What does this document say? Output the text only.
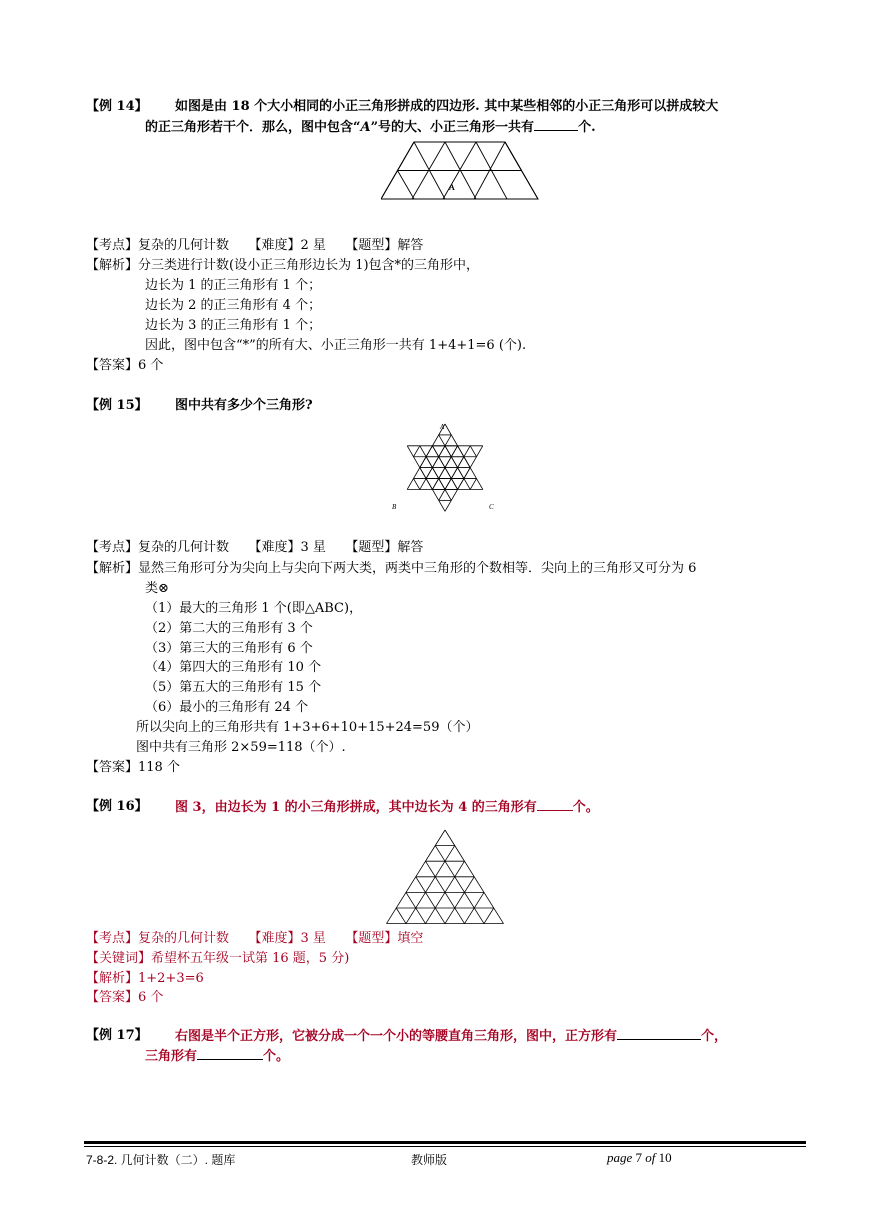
【例 14】 如图是由 18 个大小相同的小正三角形拼成的四边形. 其中某些相邻的小正三角形可以拼成较大
的正三角形若干个．那么，图中包含“A”号的大、小正三角形一共有	个.
A
【考点】复杂的几何计数　　【难度】2 星　　【题型】解答
【解析】分三类进行计数(设小正三角形边长为 1)包含*的三角形中，
边长为 1 的正三角形有 1 个；
边长为 2 的正三角形有 4 个；
边长为 3 的正三角形有 1 个；
因此，图中包含“*”的所有大、小正三角形一共有 1+4+1=6 (个).
【答案】6 个
【例 15】 图中共有多少个三角形?
A
B	C
【考点】复杂的几何计数　　【难度】3 星　　【题型】解答
【解析】显然三角形可分为尖向上与尖向下两大类，两类中三角形的个数相等．尖向上的三角形又可分为 6
类⊗
（1）最大的三角形 1 个(即△ABC)，
（2）第二大的三角形有 3 个
（3）第三大的三角形有 6 个
（4）第四大的三角形有 10 个
（5）第五大的三角形有 15 个
（6）最小的三角形有 24 个
所以尖向上的三角形共有 1+3+6+10+15+24=59（个）
图中共有三角形 2×59=118（个）.
【答案】118 个
【例 16】 图 3，由边长为 1 的小三角形拼成，其中边长为 4 的三角形有	个。
【考点】复杂的几何计数　　【难度】3 星　　【题型】填空
【关键词】希望杯五年级一试第 16 题，5 分)
【解析】1+2+3=6
【答案】6 个
【例 17】 右图是半个正方形，它被分成一个一个小的等腰直角三角形，图中，正方形有	个，
三角形有	个。
7-8-2. 几何计数（二）. 题库	教师版	page 7 of 10
